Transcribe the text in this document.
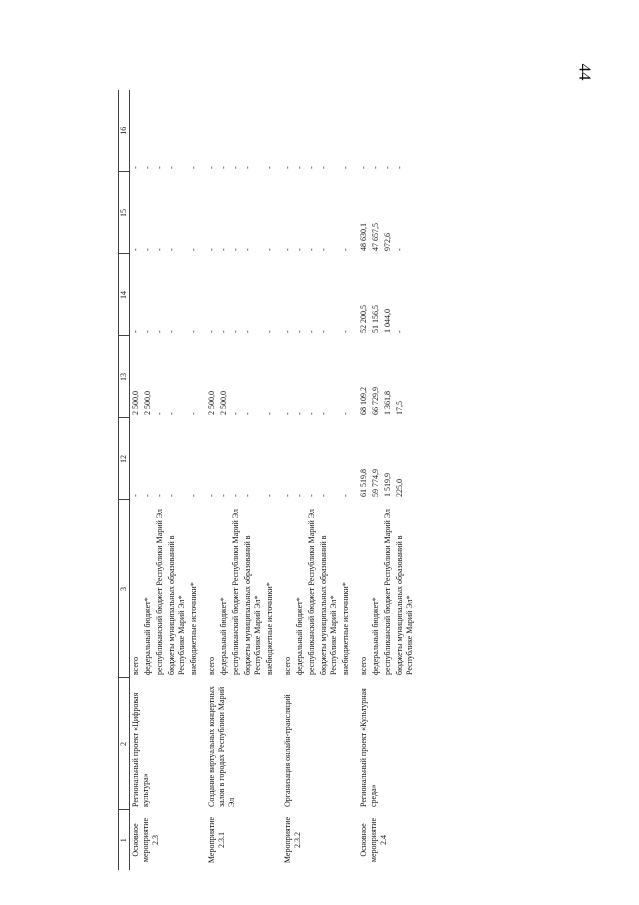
44
1	2	3	12	13	14	15	16
Основное мероприятие 2.3	Региональный проект «Цифровая культура»	всего	-	2 500,0	-	-	-
		федеральный бюджет*	-	2 500,0	-	-	-
		республиканский бюджет Республики Марий Эл	-	-	-	-	-
		бюджеты муниципальных образований в Республике Марий Эл*	-	-	-	-	-
		внебюджетные источники*	-	-	-	-	-

Мероприятие 2.3.1	Создание виртуальных концертных залов в городах Республики Марий Эл	всего	-	2 500,0	-	-	-
		федеральный бюджет*	-	2 500,0	-	-	-
		республиканский бюджет Республики Марий Эл	-	-	-	-	-
		бюджеты муниципальных образований в Республике Марий Эл*	-	-	-	-	-
		внебюджетные источники*	-	-	-	-	-

Мероприятие 2.3.2	Организация онлайн-трансляций	всего	-	-	-	-	-
		федеральный бюджет*	-	-	-	-	-
		республиканский бюджет Республики Марий Эл	-	-	-	-	-
		бюджеты муниципальных образований в Республике Марий Эл*	-	-	-	-	-
		внебюджетные источники*	-	-	-	-	-

Основное мероприятие 2.4	Региональный проект «Культурная среда»	всего	61 519,8	68 109,2	52 200,5	48 630,1	-
		федеральный бюджет*	59 774,9	66 729,9	51 156,5	47 657,5	-
		республиканский бюджет Республики Марий Эл	1 519,9	1 361,8	1 044,0	972,6	-
		бюджеты муниципальных образований в Республике Марий Эл*	225,0	17,5	-	-	-
